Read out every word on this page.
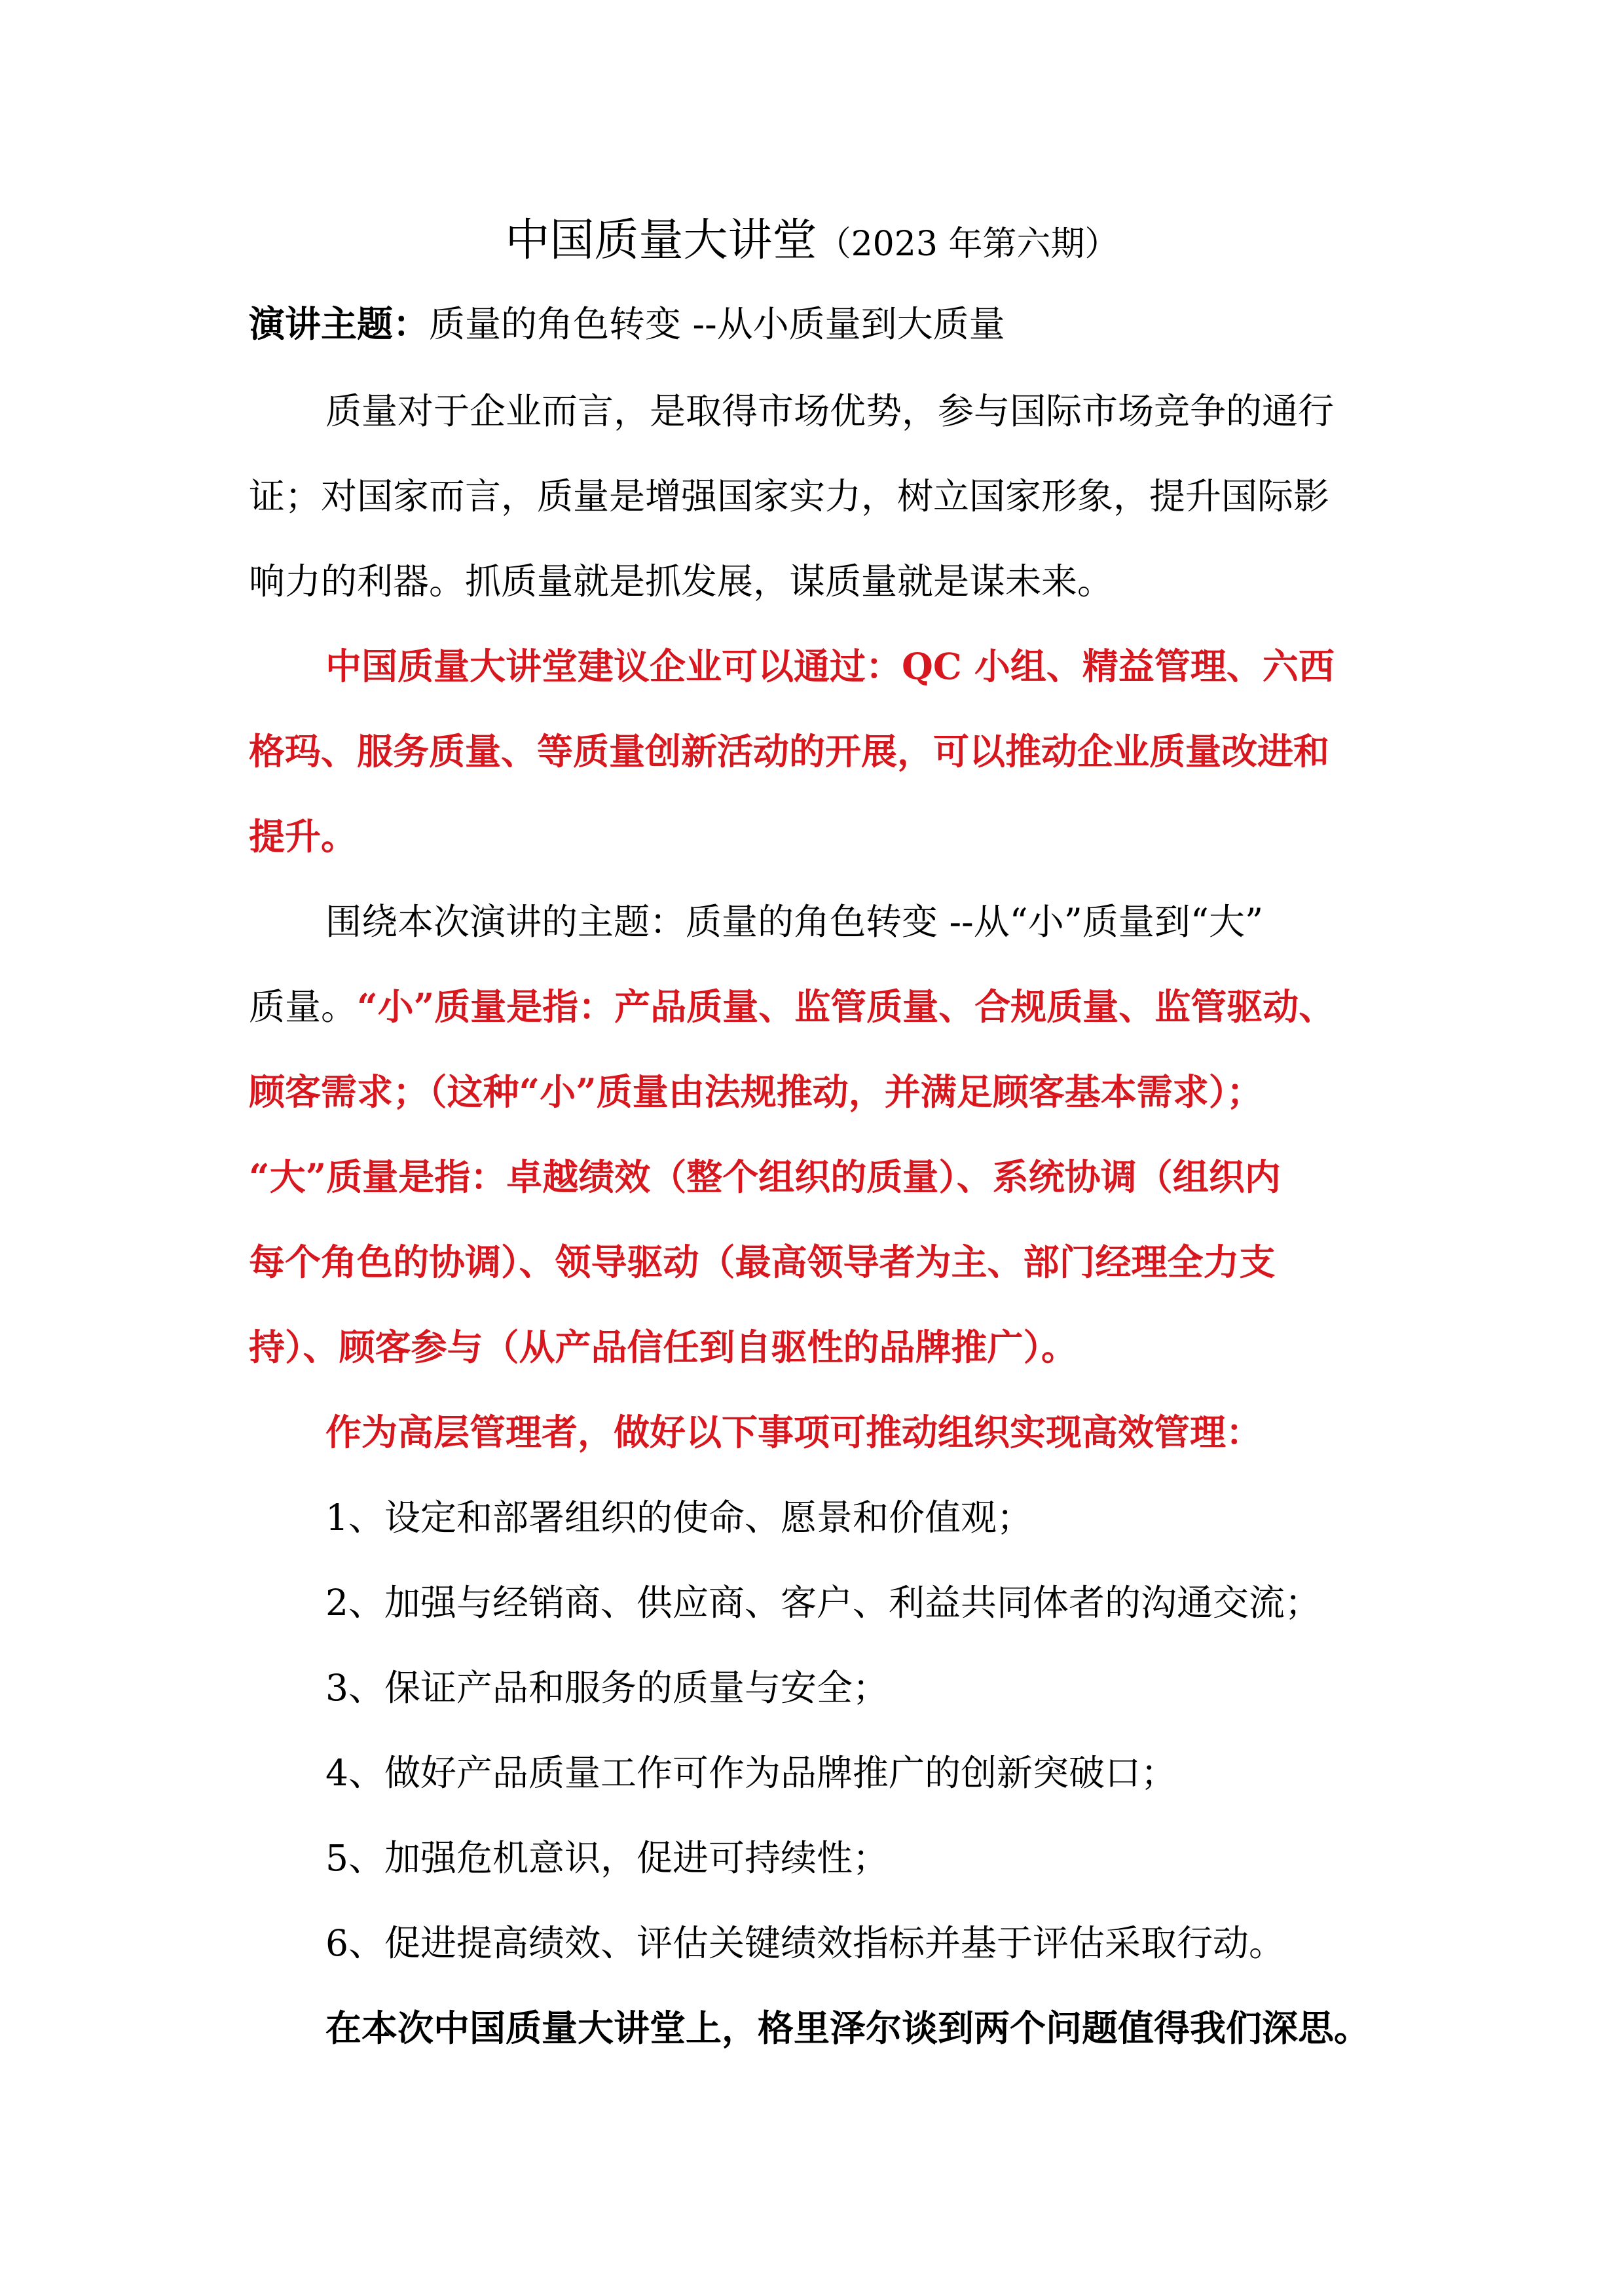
中国质量大讲堂（2023 年第六期）
演讲主题：质量的角色转变 --从小质量到大质量
质量对于企业而言，是取得市场优势，参与国际市场竞争的通行
证；对国家而言，质量是增强国家实力，树立国家形象，提升国际影
响力的利器。抓质量就是抓发展，谋质量就是谋未来。
中国质量大讲堂建议企业可以通过：QC 小组、精益管理、六西
格玛、服务质量、等质量创新活动的开展，可以推动企业质量改进和
提升。
围绕本次演讲的主题：质量的角色转变 --从“小”质量到“大”
质量。“小”质量是指：产品质量、监管质量、合规质量、监管驱动、
顾客需求；（这种“小”质量由法规推动，并满足顾客基本需求）；
“大”质量是指：卓越绩效（整个组织的质量）、系统协调（组织内
每个角色的协调）、领导驱动（最高领导者为主、部门经理全力支
持）、顾客参与（从产品信任到自驱性的品牌推广）。
作为高层管理者，做好以下事项可推动组织实现高效管理：
1、设定和部署组织的使命、愿景和价值观；
2、加强与经销商、供应商、客户、利益共同体者的沟通交流；
3、保证产品和服务的质量与安全；
4、做好产品质量工作可作为品牌推广的创新突破口；
5、加强危机意识，促进可持续性；
6、促进提高绩效、评估关键绩效指标并基于评估采取行动。
在本次中国质量大讲堂上，格里泽尔谈到两个问题值得我们深思。
